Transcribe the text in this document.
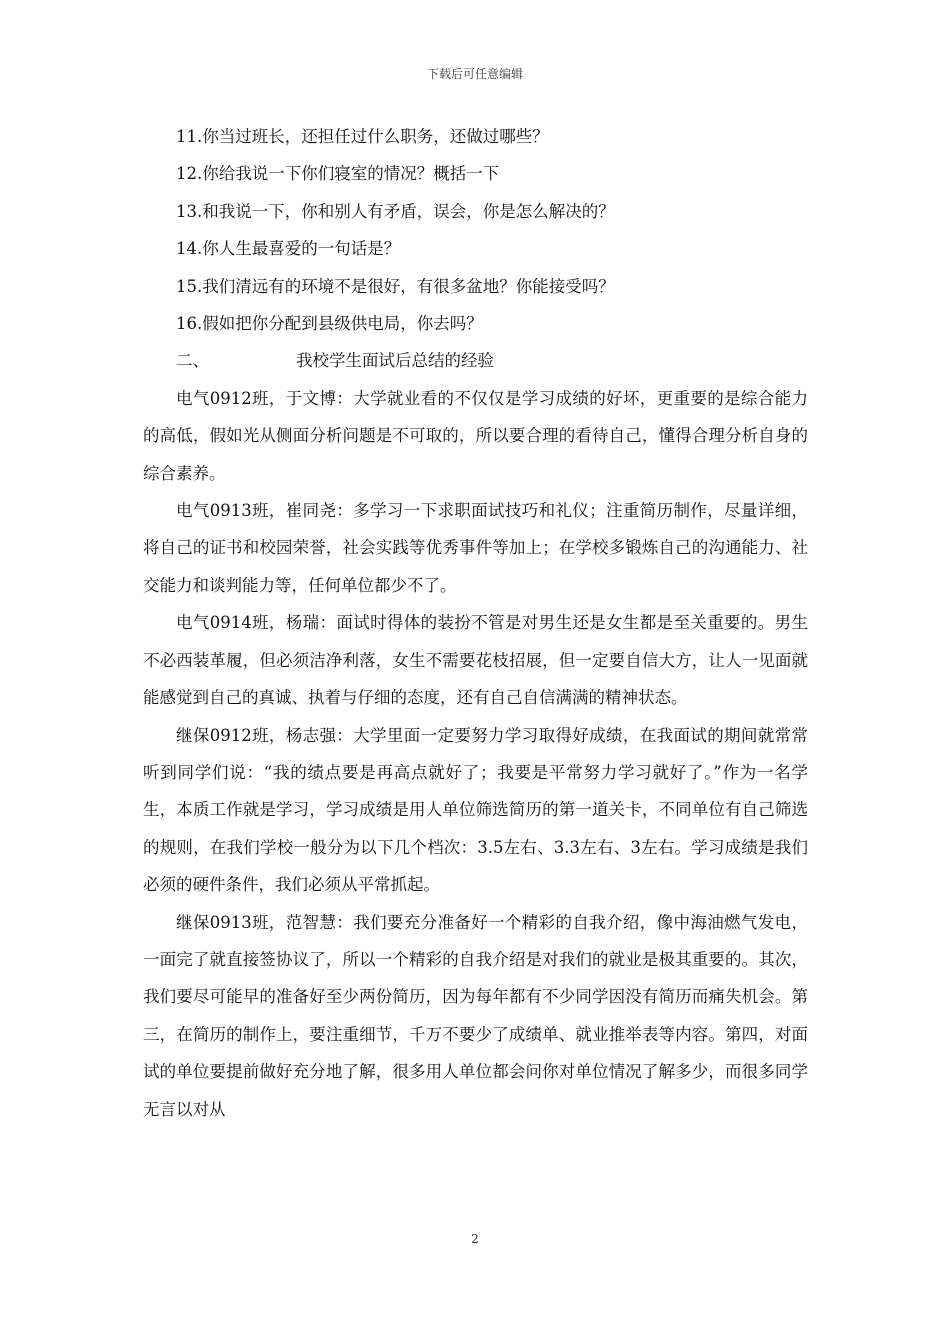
下载后可任意编辑

11.你当过班长，还担任过什么职务，还做过哪些？

12.你给我说一下你们寝室的情况？概括一下

13.和我说一下，你和别人有矛盾，误会，你是怎么解决的？

14.你人生最喜爱的一句话是？

15.我们清远有的环境不是很好，有很多盆地？你能接受吗？

16.假如把你分配到县级供电局，你去吗？

二、	我校学生面试后总结的经验

电气0912班，于文博：大学就业看的不仅仅是学习成绩的好坏，更重要的是综合能力的高低，假如光从侧面分析问题是不可取的，所以要合理的看待自己，懂得合理分析自身的综合素养。

电气0913班，崔同尧：多学习一下求职面试技巧和礼仪；注重简历制作，尽量详细，将自己的证书和校园荣誉，社会实践等优秀事件等加上；在学校多锻炼自己的沟通能力、社交能力和谈判能力等，任何单位都少不了。

电气0914班，杨瑞：面试时得体的装扮不管是对男生还是女生都是至关重要的。男生不必西装革履，但必须洁净利落，女生不需要花枝招展，但一定要自信大方，让人一见面就能感觉到自己的真诚、执着与仔细的态度，还有自己自信满满的精神状态。

继保0912班，杨志强：大学里面一定要努力学习取得好成绩，在我面试的期间就常常听到同学们说：“我的绩点要是再高点就好了；我要是平常努力学习就好了。”作为一名学生，本质工作就是学习，学习成绩是用人单位筛选简历的第一道关卡，不同单位有自己筛选的规则，在我们学校一般分为以下几个档次：3.5左右、3.3左右、3左右。学习成绩是我们必须的硬件条件，我们必须从平常抓起。

继保0913班，范智慧：我们要充分准备好一个精彩的自我介绍，像中海油燃气发电，一面完了就直接签协议了，所以一个精彩的自我介绍是对我们的就业是极其重要的。其次，我们要尽可能早的准备好至少两份简历，因为每年都有不少同学因没有简历而痛失机会。第三，在简历的制作上，要注重细节，千万不要少了成绩单、就业推举表等内容。第四，对面试的单位要提前做好充分地了解，很多用人单位都会问你对单位情况了解多少，而很多同学无言以对从

2
